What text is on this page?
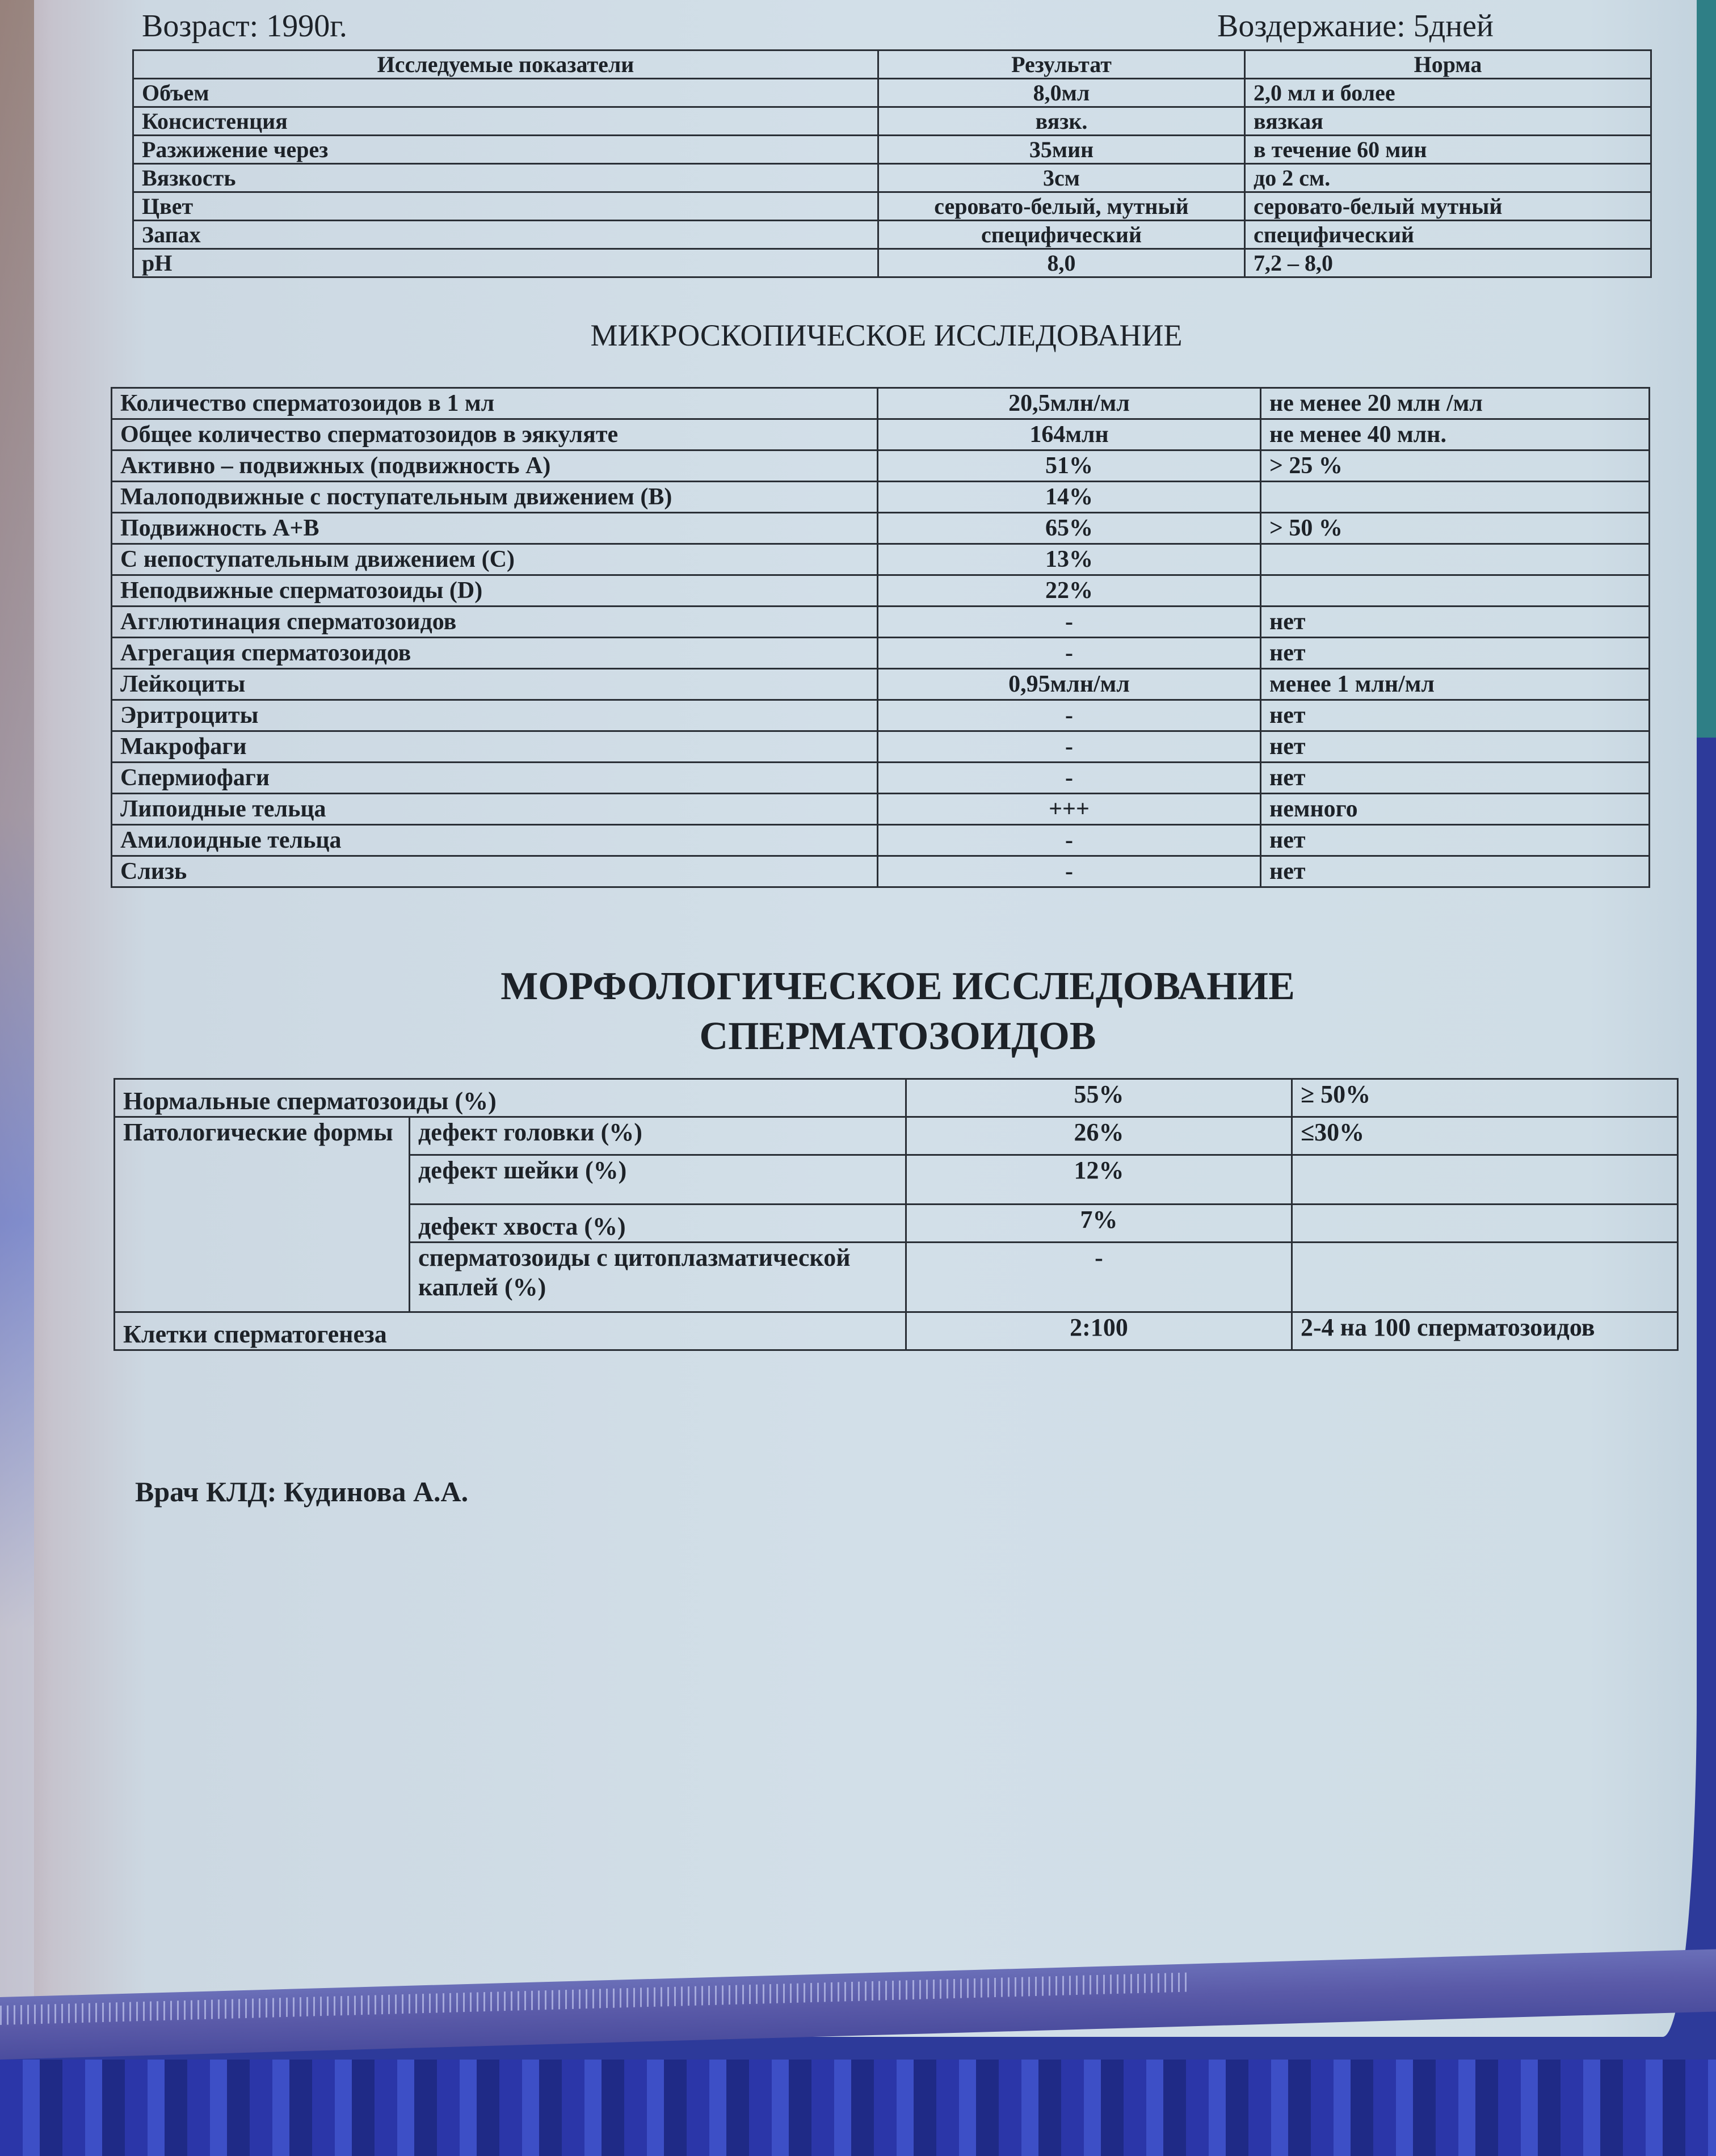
Возраст: 1990г.	Воздержание: 5дней
Исследуемые показатели	Результат	Норма
Объем	8,0мл	2,0 мл и более
Консистенция	вязк.	вязкая
Разжижение через	35мин	в течение 60 мин
Вязкость	3см	до 2 см.
Цвет	серовато-белый, мутный	серовато-белый мутный
Запах	специфический	специфический
pH	8,0	7,2 – 8,0
МИКРОСКОПИЧЕСКОЕ ИССЛЕДОВАНИЕ
Количество сперматозоидов в 1 мл	20,5млн/мл	не менее 20 млн /мл
Общее количество сперматозоидов в эякуляте	164млн	не менее 40 млн.
Активно – подвижных (подвижность А)	51%	> 25 %
Малоподвижные с поступательным движением (В)	14%	
Подвижность А+В	65%	> 50 %
С непоступательным движением (С)	13%	
Неподвижные сперматозоиды (D)	22%	
Агглютинация сперматозоидов	-	нет
Агрегация сперматозоидов	-	нет
Лейкоциты	0,95млн/мл	менее 1 млн/мл
Эритроциты	-	нет
Макрофаги	-	нет
Спермиофаги	-	нет
Липоидные тельца	+++	немного
Амилоидные тельца	-	нет
Слизь	-	нет
МОРФОЛОГИЧЕСКОЕ ИССЛЕДОВАНИЕ
СПЕРМАТОЗОИДОВ
Нормальные сперматозоиды (%)		55%	≥ 50%
Патологические формы	дефект головки (%)	26%	≤30%
	дефект шейки (%)	12%	
	дефект хвоста (%)	7%	
	сперматозоиды с цитоплазматической каплей (%)	-	
Клетки сперматогенеза		2:100	2-4 на 100 сперматозоидов
Врач КЛД: Кудинова А.А.
